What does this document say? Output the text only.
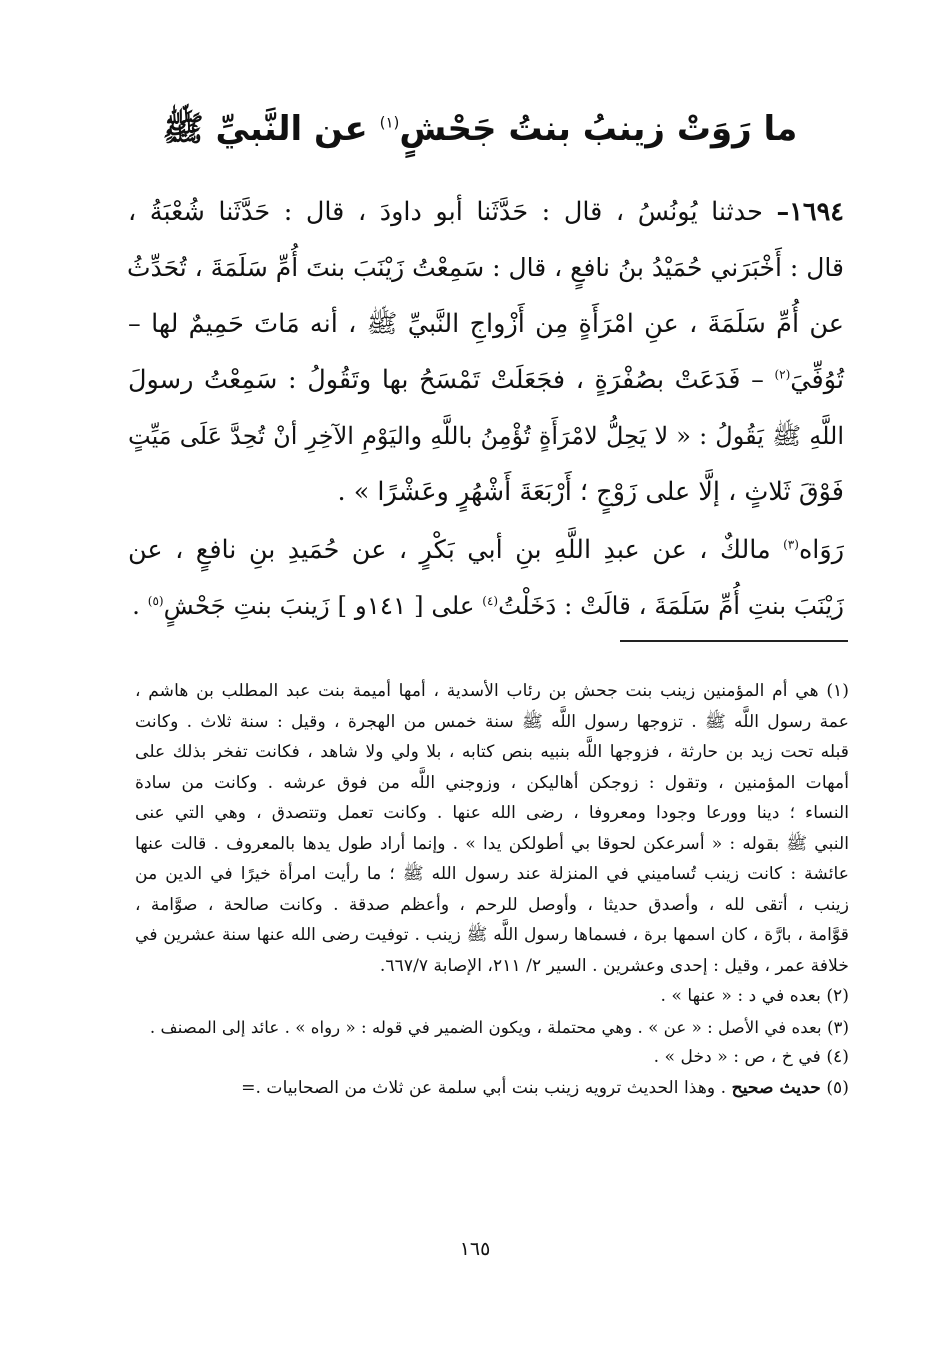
ما رَوَتْ زينبُ بنتُ جَحْشٍ$^{(١)}$ عن النَّبيِّ ﷺ
١٦٩٤– حدثنا يُونُسُ ، قال : حَدَّثَنا أبو داودَ ، قال : حَدَّثَنا شُعْبَةُ ،
قال : أَخْبَرَني حُمَيْدُ بنُ نافعٍ ، قال : سَمِعْتُ زَيْنَبَ بنتَ أُمِّ سَلَمَةَ ، تُحَدِّثُ
عن أُمِّ سَلَمَةَ ، عنِ امْرَأَةٍ مِن أَزْواجِ النَّبيِّ ﷺ ، أنه مَاتَ حَمِيمٌ لها –
تُوُفِّيَ$^{(٢)}$ – فَدَعَتْ بصُفْرَةٍ ، فجَعَلَتْ تَمْسَحُ بها وتَقُولُ : سَمِعْتُ رسولَ
اللَّهِ ﷺ يَقُولُ : « لا يَحِلُّ لامْرَأَةٍ تُؤْمِنُ باللَّهِ واليَوْمِ الآخِرِ أنْ تُحِدَّ عَلَى مَيِّتٍ
فَوْقَ ثَلاثٍ ، إلَّا على زَوْجٍ ؛ أَرْبَعَةَ أَشْهُرٍ وعَشْرًا » .
رَوَاه$^{(٣)}$ مالكٌ ، عن عبدِ اللَّهِ بنِ أبي بَكْرٍ ، عن حُمَيدِ بنِ نافعٍ ، عن
زَيْنَبَ بنتِ أُمِّ سَلَمَةَ ، قالَتْ : دَخَلْتُ$^{(٤)}$ على [ ١٤١و ] زَينبَ بنتِ جَحْشٍ$^{(٥)}$ .
(١) هي أم المؤمنين زينب بنت جحش بن رئاب الأسدية ، أمها أميمة بنت عبد المطلب بن هاشم ،
عمة رسول اللَّه ﷺ . تزوجها رسول اللَّه ﷺ سنة خمس من الهجرة ، وقيل : سنة ثلاث . وكانت
قبله تحت زيد بن حارثة ، فزوجها اللَّه بنبيه بنص كتابه ، بلا ولي ولا شاهد ، فكانت تفخر بذلك على
أمهات المؤمنين ، وتقول : زوجكن أهاليكن ، وزوجني اللَّه من فوق عرشه . وكانت من سادة
النساء ؛ دينا وورعا وجودا ومعروفا ، رضى الله عنها . وكانت تعمل وتتصدق ، وهي التي عنى
النبي ﷺ بقوله : « أسرعكن لحوقا بي أطولكن يدا » . وإنما أراد طول يدها بالمعروف . قالت عنها
عائشة : كانت زينب تُساميني في المنزلة عند رسول الله ﷺ ؛ ما رأيت امرأة خيرًا في الدين من
زينب ، أتقى لله ، وأصدق حديثا ، وأوصل للرحم ، وأعظم صدقة . وكانت صالحة ، صوَّامة ،
قوَّامة ، بارَّة ، كان اسمها برة ، فسماها رسول اللَّه ﷺ زينب . توفيت رضى الله عنها سنة عشرين في
خلافة عمر ، وقيل : إحدى وعشرين . السير ٢/ ٢١١، الإصابة ٦٦٧/٧.
(٢) بعده في د : « عنها » .
(٣) بعده في الأصل : « عن » . وهي محتملة ، ويكون الضمير في قوله : « رواه » . عائد إلى المصنف .
(٤) في خ ، ص : « دخل » .
(٥) حديث صحيح . وهذا الحديث ترويه زينب بنت أبي سلمة عن ثلاث من الصحابيات .=
١٦٥
